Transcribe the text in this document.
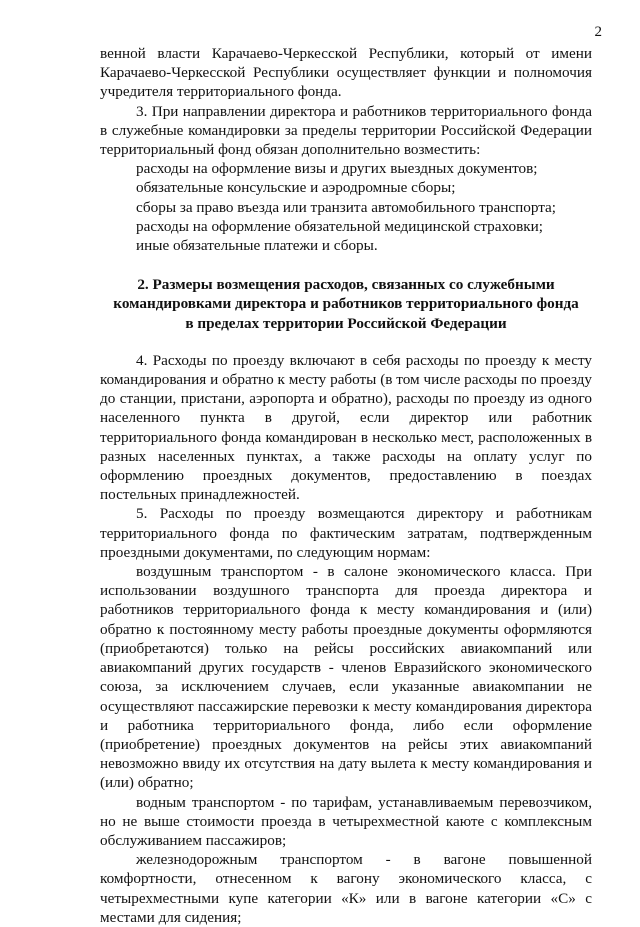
2

венной власти Карачаево-Черкесской Республики, который от имени Карачаево-Черкесской Республики осуществляет функции и полномочия учредителя территориального фонда.

3. При направлении директора и работников территориального фонда в служебные командировки за пределы территории Российской Федерации территориальный фонд обязан дополнительно возместить:

расходы на оформление визы и других выездных документов;

обязательные консульские и аэродромные сборы;

сборы за право въезда или транзита автомобильного транспорта;

расходы на оформление обязательной медицинской страховки;

иные обязательные платежи и сборы.

2. Размеры возмещения расходов, связанных со служебными
командировками директора и работников территориального фонда
в пределах территории Российской Федерации

4. Расходы по проезду включают в себя расходы по проезду к месту командирования и обратно к месту работы (в том числе расходы по проезду до станции, пристани, аэропорта и обратно), расходы по проезду из одного населенного пункта в другой, если директор или работник территориального фонда командирован в несколько мест, расположенных в разных населенных пунктах, а также расходы на оплату услуг по оформлению проездных документов, предоставлению в поездах постельных принадлежностей.

5. Расходы по проезду возмещаются директору и работникам территориального фонда по фактическим затратам, подтвержденным проездными документами, по следующим нормам:

воздушным транспортом - в салоне экономического класса. При использовании воздушного транспорта для проезда директора и работников территориального фонда к месту командирования и (или) обратно к постоянному месту работы проездные документы оформляются (приобретаются) только на рейсы российских авиакомпаний или авиакомпаний других государств - членов Евразийского экономического союза, за исключением случаев, если указанные авиакомпании не осуществляют пассажирские перевозки к месту командирования директора и работника территориального фонда, либо если оформление (приобретение) проездных документов на рейсы этих авиакомпаний невозможно ввиду их отсутствия на дату вылета к месту командирования и (или) обратно;

водным транспортом - по тарифам, устанавливаемым перевозчиком, но не выше стоимости проезда в четырехместной каюте с комплексным обслуживанием пассажиров;

железнодорожным транспортом - в вагоне повышенной комфортности, отнесенном к вагону экономического класса, с четырехместными купе категории «К» или в вагоне категории «С» с местами для сидения;
